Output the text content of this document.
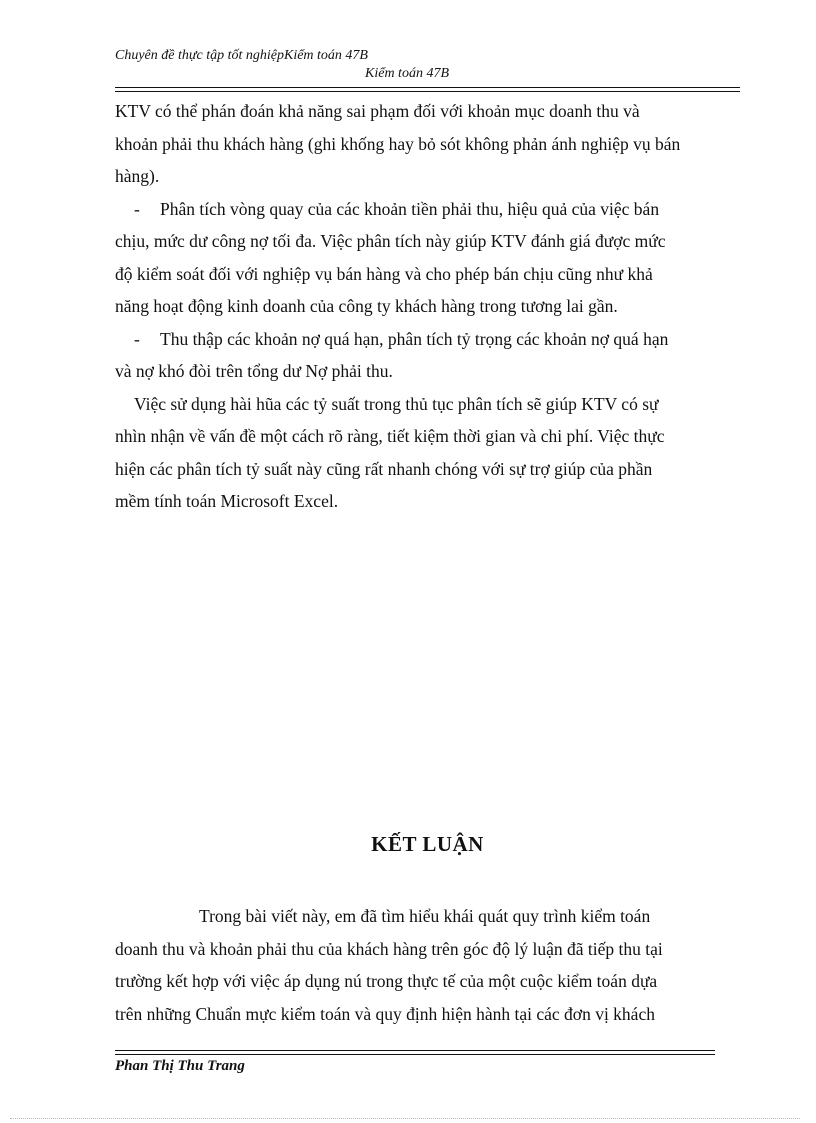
Chuyên đề thực tập tốt nghiệpKiểm toán 47B
Kiểm toán 47B
KTV có thể phán đoán khả năng sai phạm đối với khoản mục doanh thu và
khoản phải thu khách hàng (ghi khống hay bỏ sót không phản ánh nghiệp vụ bán
hàng).
- Phân tích vòng quay của các khoản tiền phải thu, hiệu quả của việc bán
chịu, mức dư công nợ tối đa. Việc phân tích này giúp KTV đánh giá được mức
độ kiểm soát đối với nghiệp vụ bán hàng và cho phép bán chịu cũng như khả
năng hoạt động kinh doanh của công ty khách hàng trong tương lai gần.
- Thu thập các khoản nợ quá hạn, phân tích tỷ trọng các khoản nợ quá hạn
và nợ khó đòi trên tổng dư Nợ phải thu.
Việc sử dụng hài hũa các tỷ suất trong thủ tục phân tích sẽ giúp KTV có sự
nhìn nhận về vấn đề một cách rõ ràng, tiết kiệm thời gian và chi phí. Việc thực
hiện các phân tích tỷ suất này cũng rất nhanh chóng với sự trợ giúp của phần
mềm tính toán Microsoft Excel.
KẾT LUẬN
Trong bài viết này, em đã tìm hiểu khái quát quy trình kiểm toán
doanh thu và khoản phải thu của khách hàng trên góc độ lý luận đã tiếp thu tại
trường kết hợp với việc áp dụng nú trong thực tế của một cuộc kiểm toán dựa
trên những Chuẩn mực kiểm toán và quy định hiện hành tại các đơn vị khách
Phan Thị Thu Trang
